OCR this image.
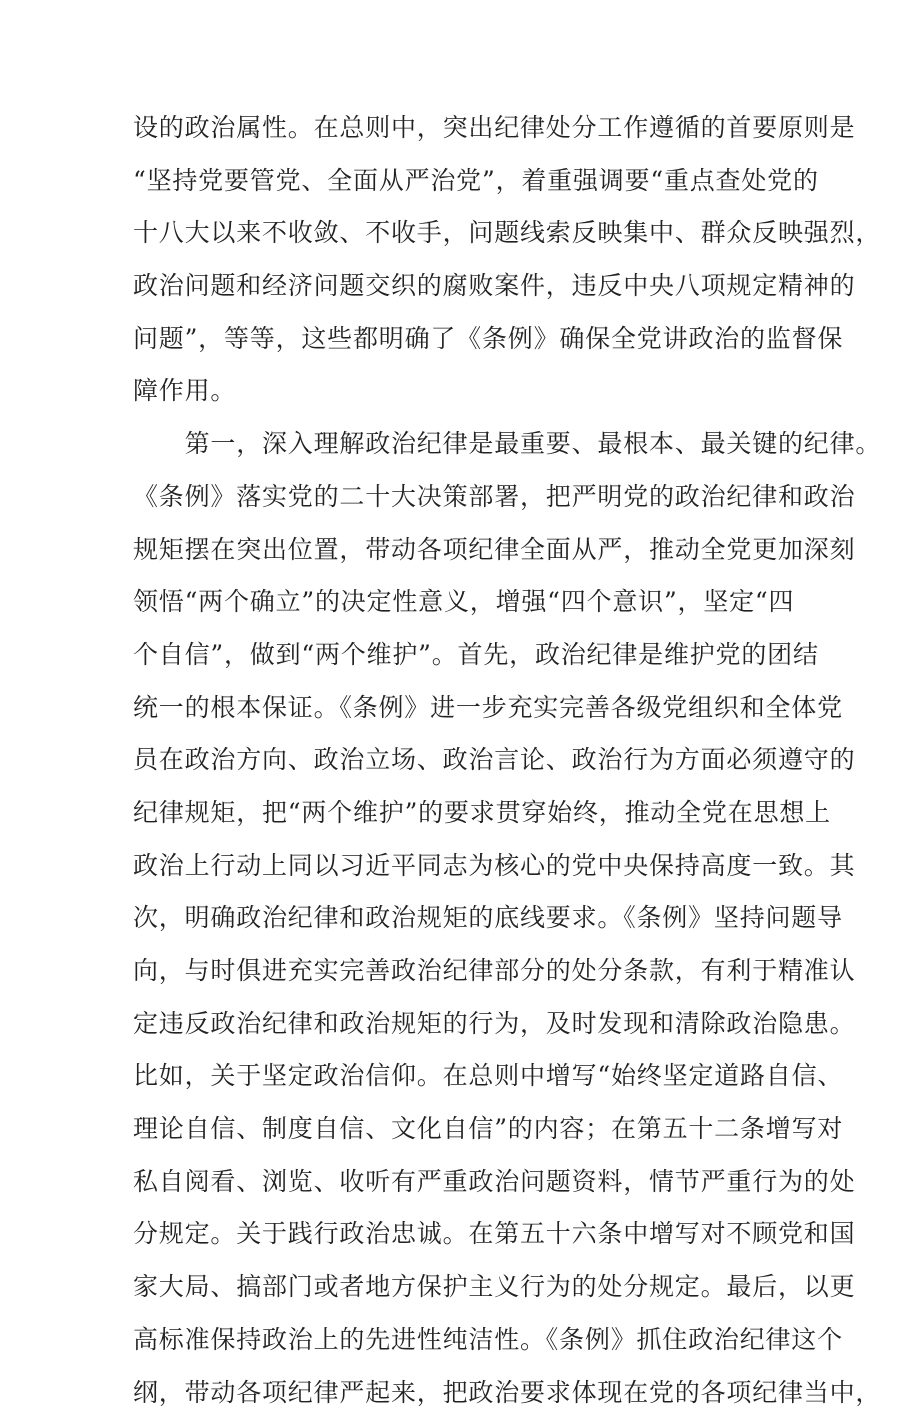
设的政治属性。在总则中，突出纪律处分工作遵循的首要原则是
“坚持党要管党、全面从严治党”，着重强调要“重点查处党的
十八大以来不收敛、不收手，问题线索反映集中、群众反映强烈，
政治问题和经济问题交织的腐败案件，违反中央八项规定精神的
问题”，等等，这些都明确了《条例》确保全党讲政治的监督保
障作用。
　　第一，深入理解政治纪律是最重要、最根本、最关键的纪律。
《条例》落实党的二十大决策部署，把严明党的政治纪律和政治
规矩摆在突出位置，带动各项纪律全面从严，推动全党更加深刻
领悟“两个确立”的决定性意义，增强“四个意识”，坚定“四
个自信”，做到“两个维护”。首先，政治纪律是维护党的团结
统一的根本保证。《条例》进一步充实完善各级党组织和全体党
员在政治方向、政治立场、政治言论、政治行为方面必须遵守的
纪律规矩，把“两个维护”的要求贯穿始终，推动全党在思想上
政治上行动上同以习近平同志为核心的党中央保持高度一致。其
次，明确政治纪律和政治规矩的底线要求。《条例》坚持问题导
向，与时俱进充实完善政治纪律部分的处分条款，有利于精准认
定违反政治纪律和政治规矩的行为，及时发现和清除政治隐患。
比如，关于坚定政治信仰。在总则中增写“始终坚定道路自信、
理论自信、制度自信、文化自信”的内容；在第五十二条增写对
私自阅看、浏览、收听有严重政治问题资料，情节严重行为的处
分规定。关于践行政治忠诚。在第五十六条中增写对不顾党和国
家大局、搞部门或者地方保护主义行为的处分规定。最后，以更
高标准保持政治上的先进性纯洁性。《条例》抓住政治纪律这个
纲，带动各项纪律严起来，把政治要求体现在党的各项纪律当中，
